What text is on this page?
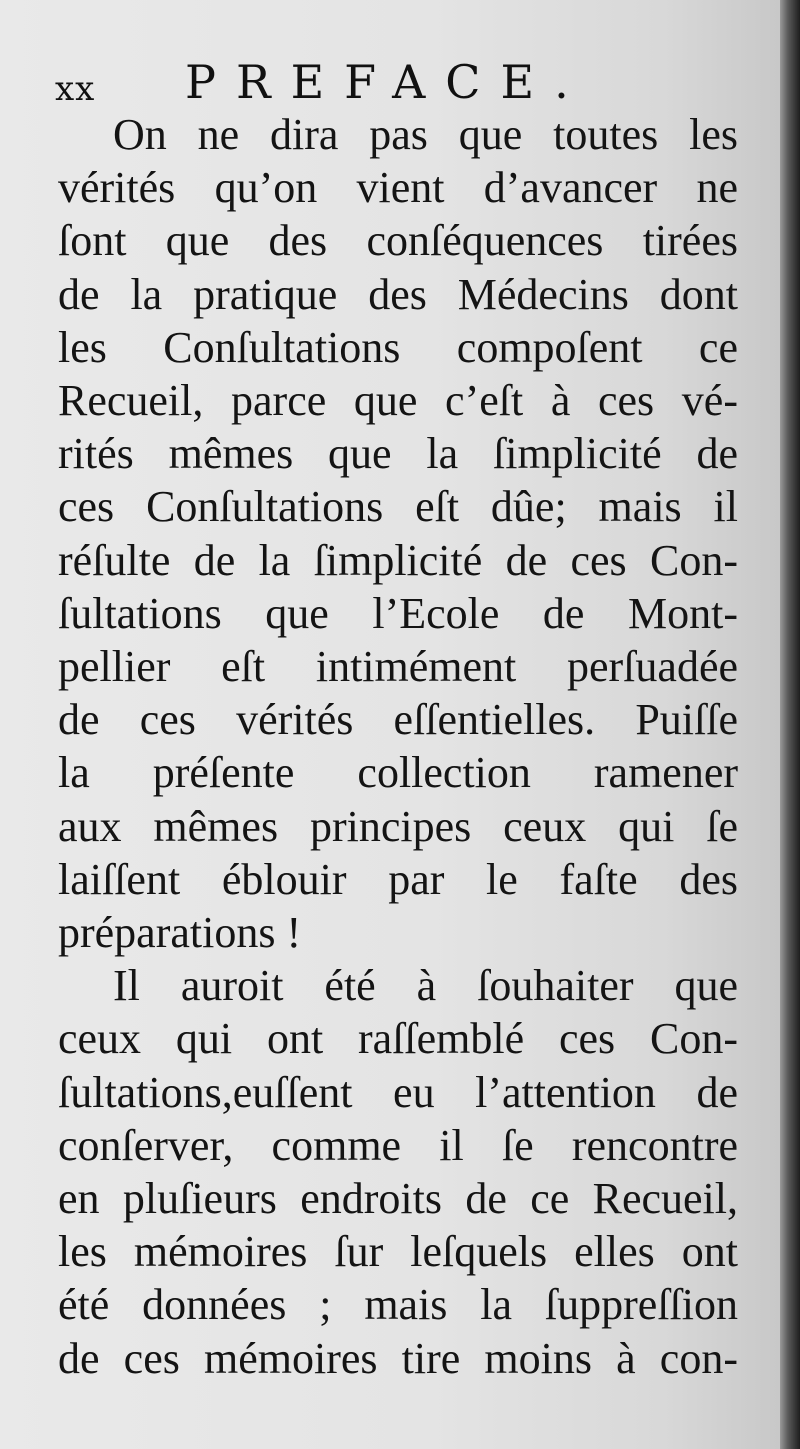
xx PREFACE.
On ne dira pas que toutes les
vérités qu’on vient d’avancer ne
ſont que des conſéquences tirées
de la pratique des Médecins dont
les Conſultations compoſent ce
Recueil, parce que c’eſt à ces vé-
rités mêmes que la ſimplicité de
ces Conſultations eſt dûe; mais il
réſulte de la ſimplicité de ces Con-
ſultations que l’Ecole de Mont-
pellier eſt intimément perſuadée
de ces vérités eſſentielles. Puiſſe
la préſente collection ramener
aux mêmes principes ceux qui ſe
laiſſent éblouir par le faſte des
préparations !
Il auroit été à ſouhaiter que
ceux qui ont raſſemblé ces Con-
ſultations,euſſent eu l’attention de
conſerver, comme il ſe rencontre
en pluſieurs endroits de ce Recueil,
les mémoires ſur leſquels elles ont
été données ; mais la ſuppreſſion
de ces mémoires tire moins à con-
